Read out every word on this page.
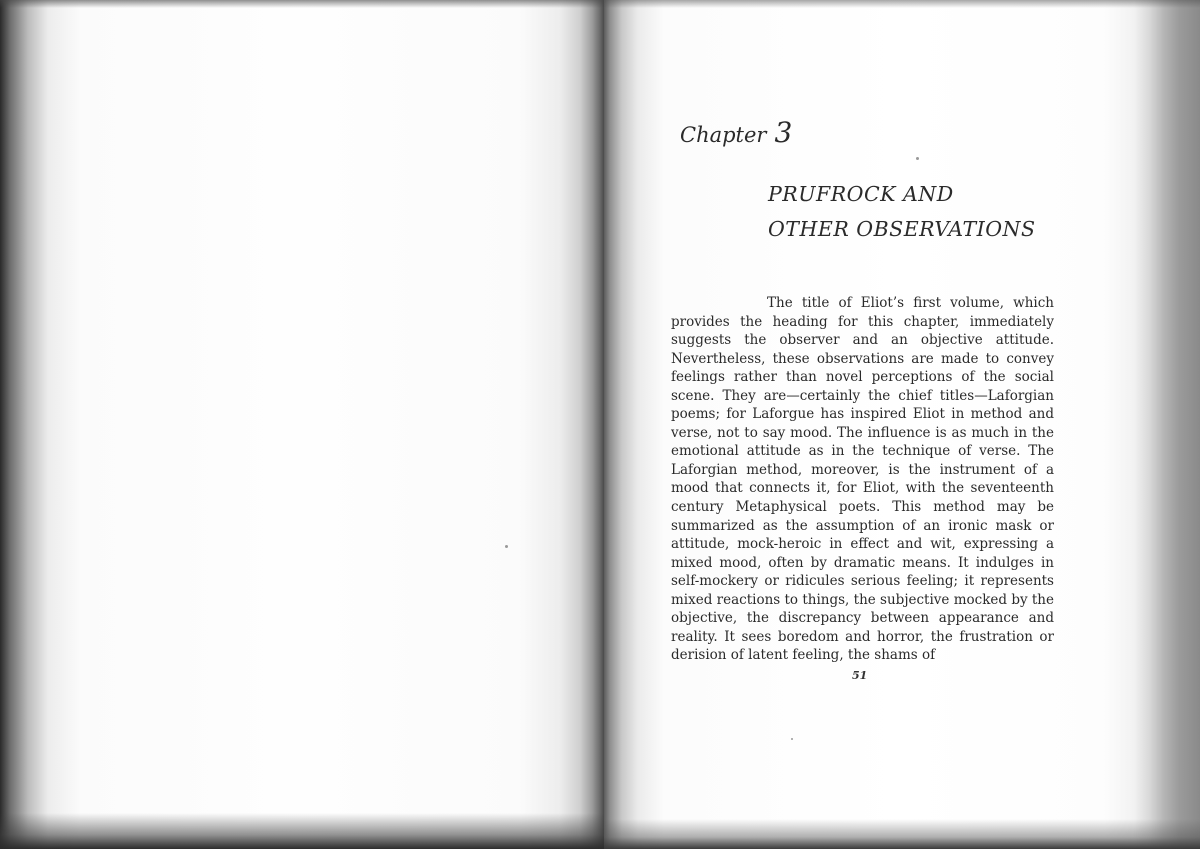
Chapter 3
PRUFROCK AND
OTHER OBSERVATIONS

The title of Eliot’s first volume, which provides the heading for this chapter, immediately suggests the observer and an objective attitude. Nevertheless, these observations are made to convey feelings rather than novel perceptions of the social scene. They are—certainly the chief titles—Laforgian poems; for Laforgue has inspired Eliot in method and verse, not to say mood. The influence is as much in the emotional attitude as in the technique of verse. The Laforgian method, moreover, is the instrument of a mood that connects it, for Eliot, with the seventeenth century Metaphysical poets. This method may be summarized as the assumption of an ironic mask or attitude, mock-heroic in effect and wit, expressing a mixed mood, often by dramatic means. It indulges in self-mockery or ridicules serious feeling; it represents mixed reactions to things, the subjective mocked by the objective, the discrepancy between appearance and reality. It sees boredom and horror, the frustration or derision of latent feeling, the shams of

51
